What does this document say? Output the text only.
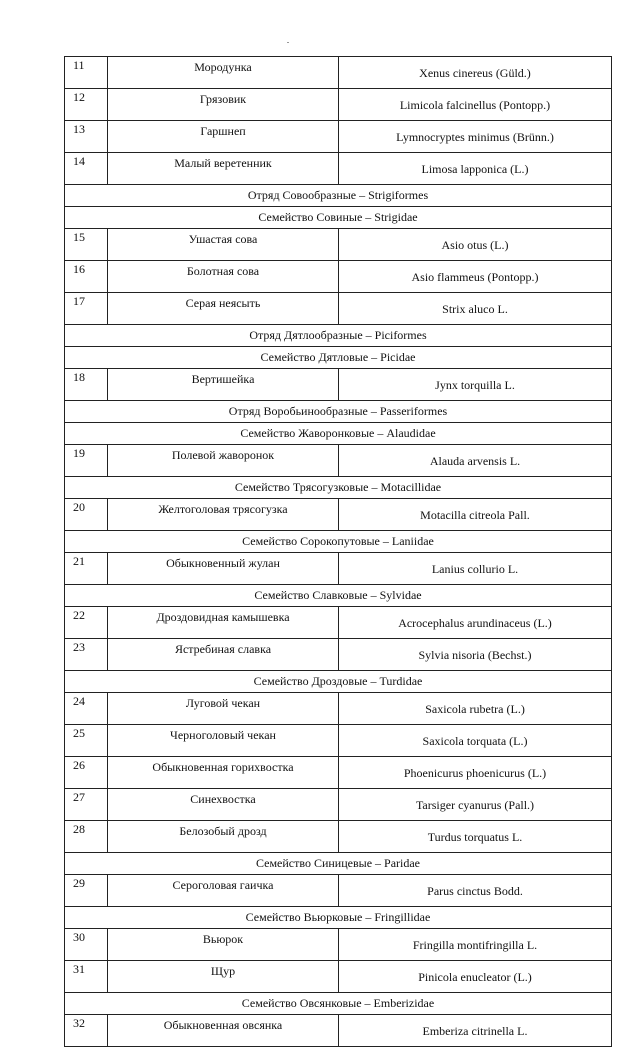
11	Мородунка	Xenus cinereus (Güld.)

12	Грязовик	Limicola falcinellus (Pontopp.)

13	Гаршнеп	Lymnocryptes minimus (Brünn.)

14	Малый веретенник	Limosa lapponica (L.)

Отряд Совообразные – Strigiformes		
Семейство Совиные – Strigidae		
15	Ушастая сова	Asio otus (L.)

16	Болотная сова	Asio flammeus (Pontopp.)

17	Серая неясыть	Strix aluco L.

Отряд Дятлообразные – Piciformes		
Семейство Дятловые – Picidae		
18	Вертишейка	Jynx torquilla L.

Отряд Воробьинообразные – Passeriformes		
Семейство Жаворонковые – Alaudidae		
19	Полевой жаворонок	Alauda arvensis L.

Семейство Трясогузковые – Motacillidae		
20	Желтоголовая трясогузка	Motacilla citreola Pall.

Семейство Сорокопутовые – Laniidae		
21	Обыкновенный жулан	Lanius collurio L.

Семейство Славковые – Sylvidae		
22	Дроздовидная камышевка	Acrocephalus arundinaceus (L.)

23	Ястребиная славка	Sylvia nisoria (Bechst.)

Семейство Дроздовые – Turdidae		
24	Луговой чекан	Saxicola rubetra (L.)

25	Черноголовый чекан	Saxicola torquata (L.)

26	Обыкновенная горихвостка	Phoenicurus phoenicurus (L.)

27	Синехвостка	Tarsiger cyanurus (Pall.)

28	Белозобый дрозд	Turdus torquatus L.

Семейство Синицевые – Paridae		
29	Сероголовая гаичка	Parus cinctus Bodd.

Семейство Вьюрковые – Fringillidae		
30	Вьюрок	Fringilla montifringilla L.

31	Щур	Pinicola enucleator (L.)

Семейство Овсянковые – Emberizidae		
32	Обыкновенная овсянка	Emberiza citrinella L.
